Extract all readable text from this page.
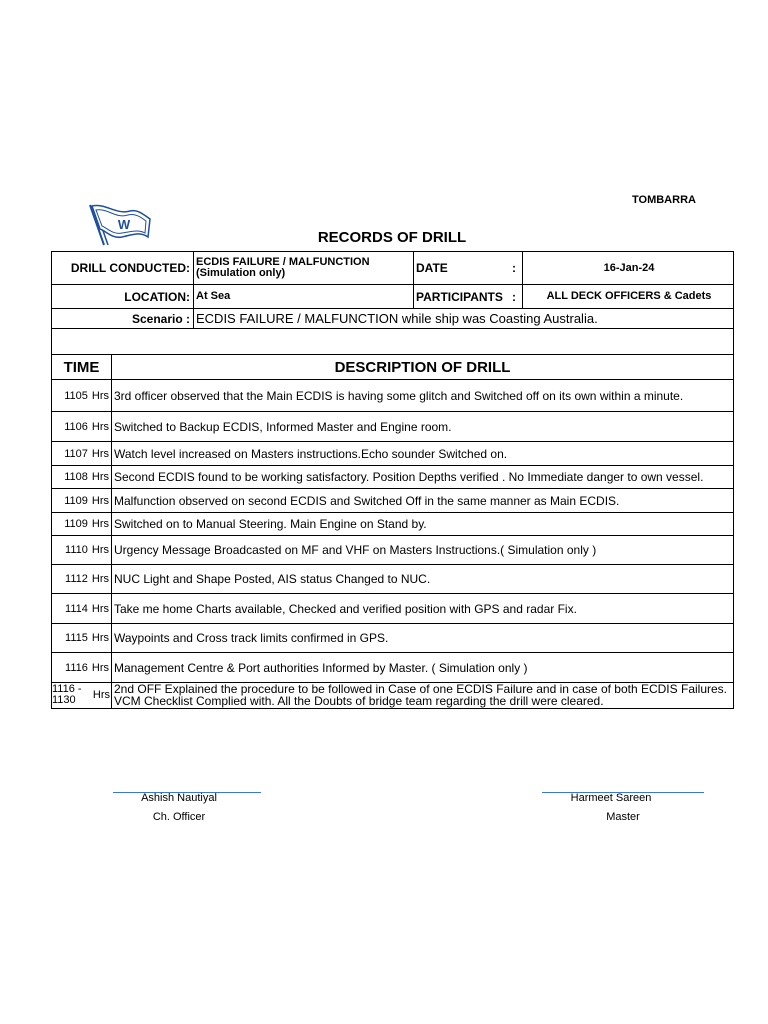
TOMBARRA
W
RECORDS OF DRILL
DRILL CONDUCTED: ECDIS FAILURE / MALFUNCTION
(Simulation only)	DATE	:	16-Jan-24
LOCATION: At Sea	PARTICIPANTS :	ALL DECK OFFICERS & Cadets
Scenario : ECDIS FAILURE / MALFUNCTION while ship was Coasting Australia.
TIME	DESCRIPTION OF DRILL
1105 Hrs 3rd officer observed that the Main ECDIS is having some glitch and Switched off on its own within a minute.
1106 Hrs Switched to Backup ECDIS, Informed Master and Engine room.
1107 Hrs Watch level increased on Masters instructions.Echo sounder Switched on.
1108 Hrs Second ECDIS found to be working satisfactory. Position Depths verified . No Immediate danger to own vessel.
1109 Hrs Malfunction observed on second ECDIS and Switched Off in the same manner as Main ECDIS.
1109 Hrs Switched on to Manual Steering. Main Engine on Stand by.
1110 Hrs Urgency Message Broadcasted on MF and VHF on Masters Instructions.( Simulation only )
1112 Hrs NUC Light and Shape Posted, AIS status Changed to NUC.
1114 Hrs Take me home Charts available, Checked and verified position with GPS and radar Fix.
1115 Hrs Waypoints and Cross track limits confirmed in GPS.
1116 Hrs Management Centre & Port authorities Informed by Master. ( Simulation only )
1116 -
1130 Hrs 2nd OFF Explained the procedure to be followed in Case of one ECDIS Failure and in case of both ECDIS Failures.
VCM Checklist Complied with. All the Doubts of bridge team regarding the drill were cleared.
Ashish Nautiyal
Ch. Officer
Harmeet Sareen
Master
